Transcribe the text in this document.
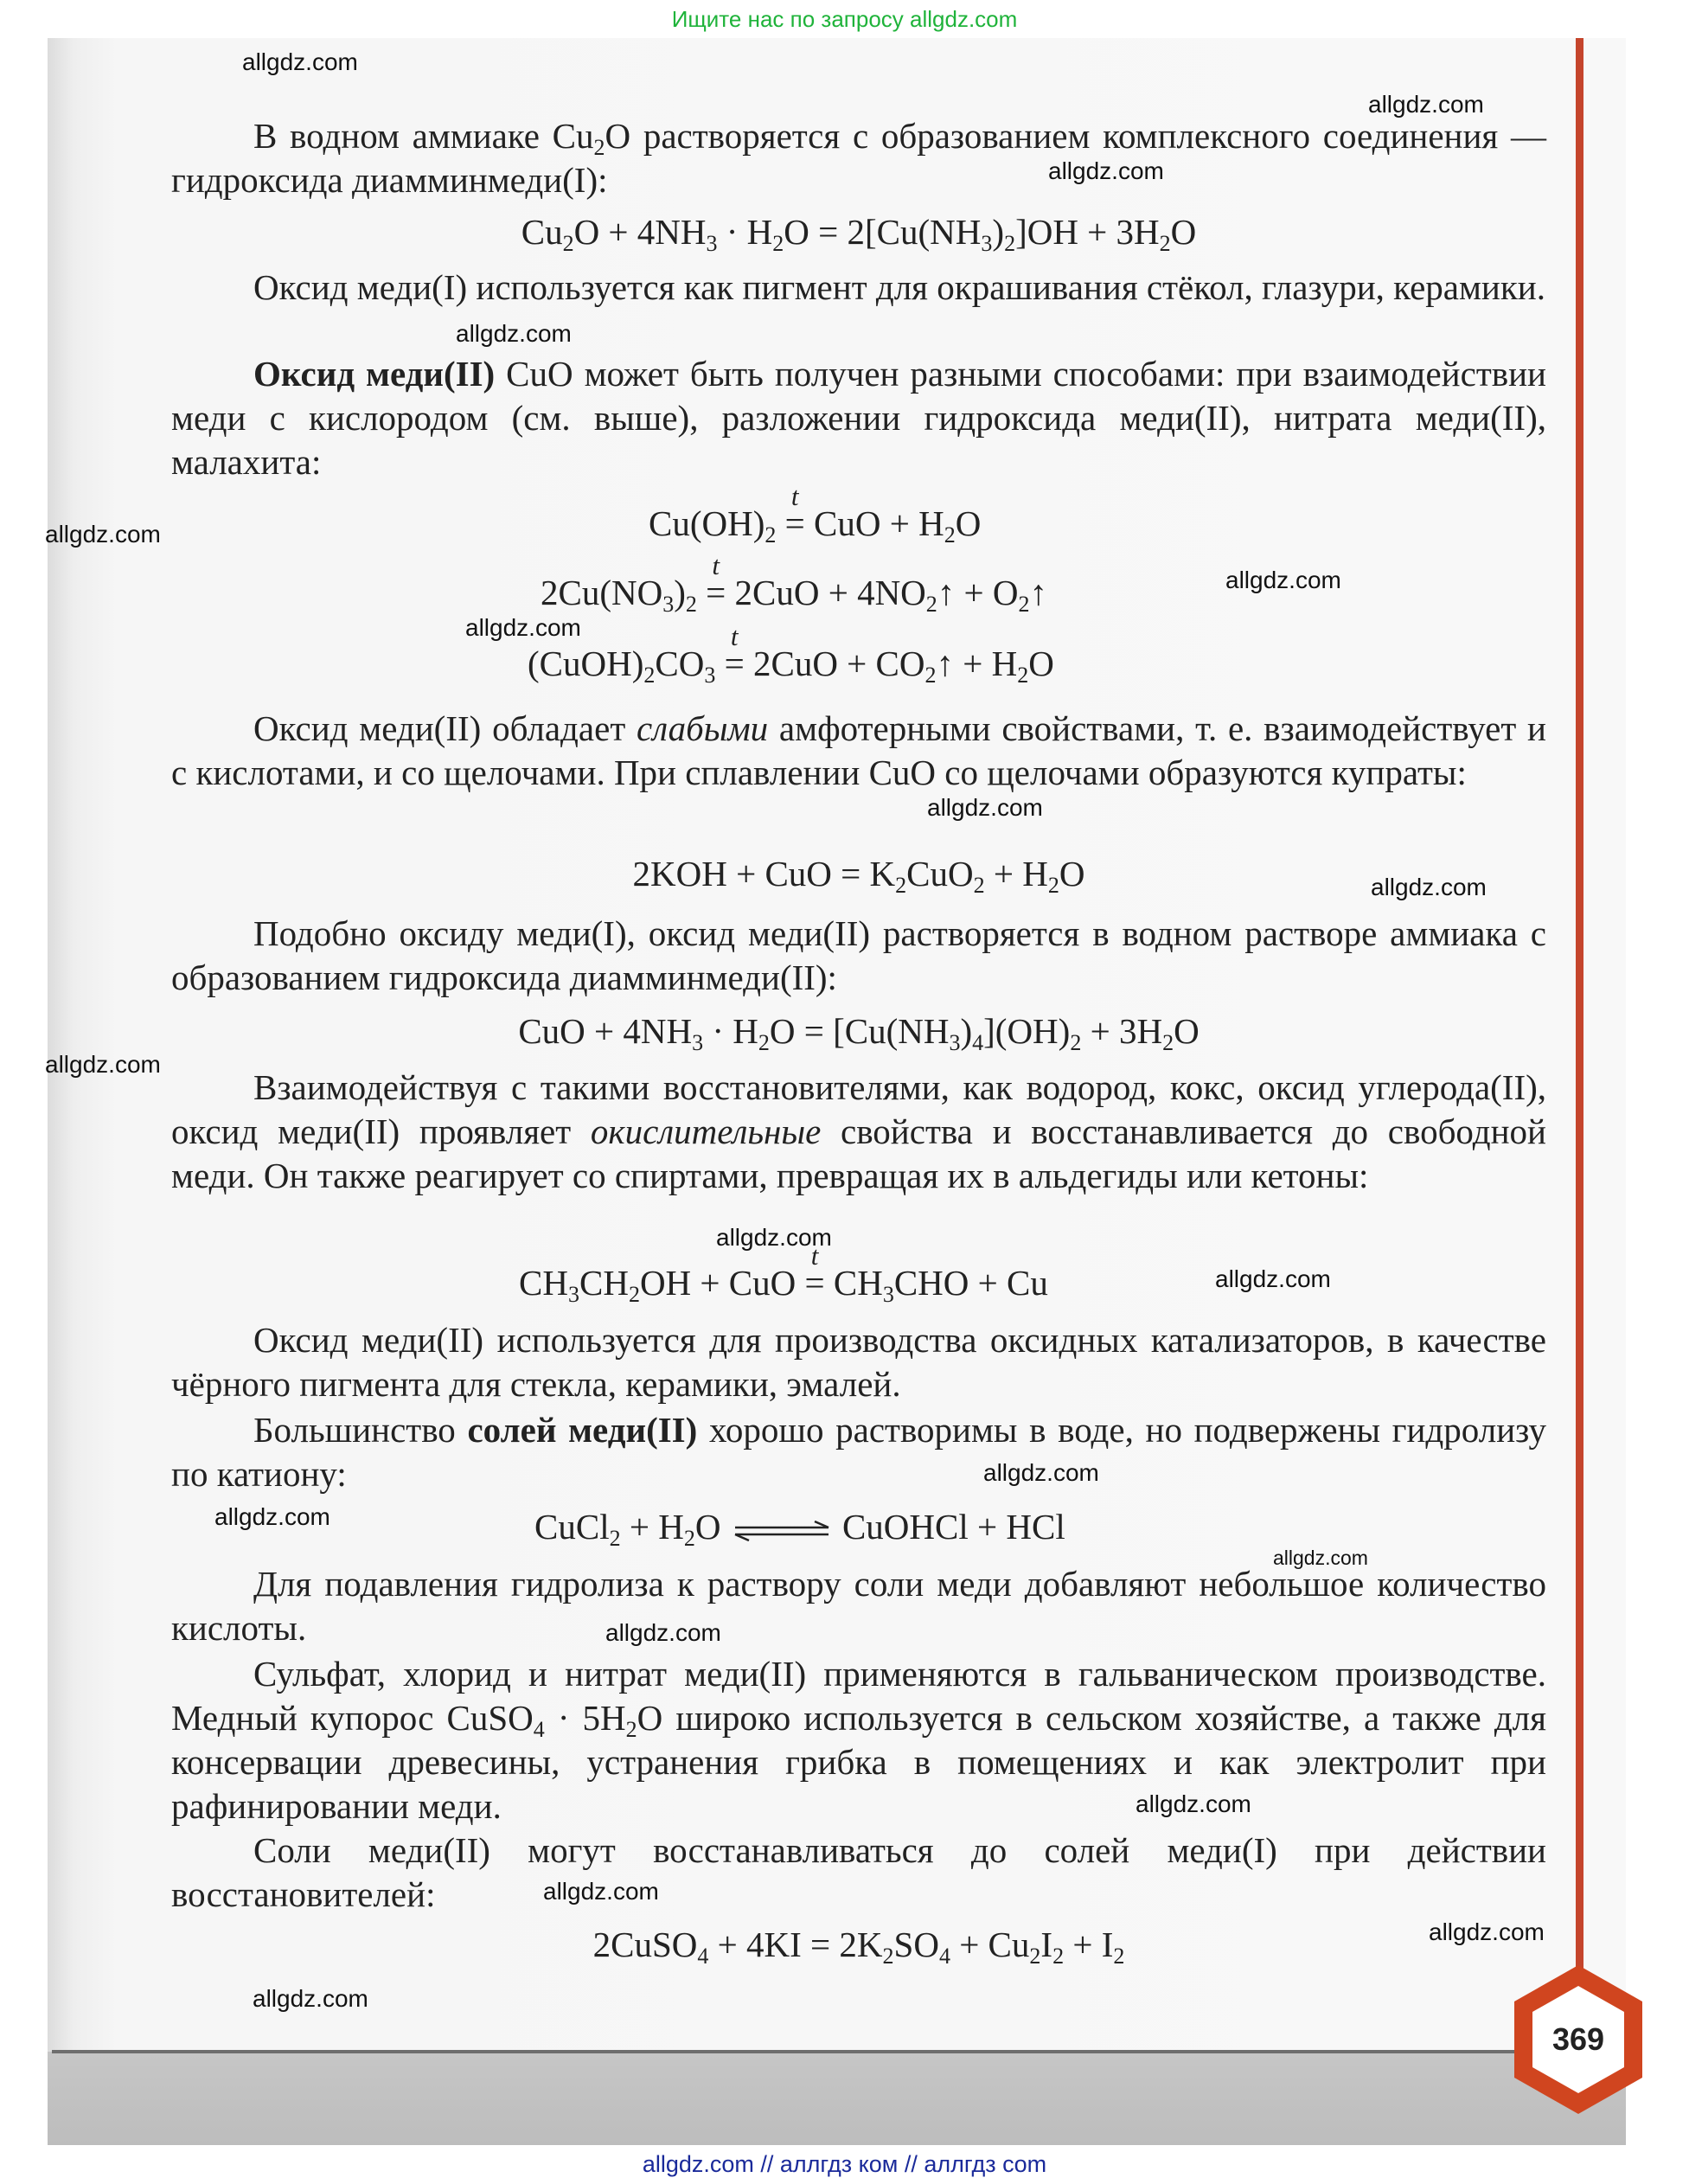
369
Ищите нас по запросу allgdz.com
allgdz.com // аллгдз ком // аллгдз com
В водном аммиаке $Cu_2O$ растворяется с образованием комплексного соединения — гидроксида диамминмеди(I):
$Cu_2O + 4NH_3 \cdot H_2O = 2[Cu(NH_3)_2]OH + 3H_2O$
Оксид меди(I) используется как пигмент для окрашивания стёкол, глазури, керамики.
Оксид меди(II) CuO может быть получен разными способами: при взаимодействии меди с кислородом (см. выше), разложении гидроксида меди(II), нитрата меди(II), малахита:
$Cu(OH)_2$ t = CuO + $H_2O$
$2Cu(NO_3)_2$ $t = 2CuO + 4NO_2↑$ + $O_2↑$
$(CuOH)_2CO_3$ $t = 2CuO + CO_2↑ + H_2O$
Оксид меди(II) обладает слабыми амфотерными свойствами, т. е. взаимодействует и с кислотами, и со щелочами. При сплавлении CuO со щелочами образуются купраты:
2KOH + CuO = $K_2CuO_2 + H_2O$
Подобно оксиду меди(I), оксид меди(II) растворяется в водном растворе аммиака с образованием гидроксида диамминмеди(II):
CuO + $4NH_3 \cdot H_2O = [Cu(NH_3)_4](OH)_2 + 3H_2O$
Взаимодействуя с такими восстановителями, как водород, кокс, оксид углерода(II), оксид меди(II) проявляет окислительные свойства и восстанавливается до свободной меди. Он также реагирует со спиртами, превращая их в альдегиды или кетоны:
$CH_3CH_2OH$ + CuO $t = CH_3CHO + Cu$
Оксид меди(II) используется для производства оксидных катализаторов, в качестве чёрного пигмента для стекла, керамики, эмалей.
Большинство солей меди(II) хорошо растворимы в воде, но подвержены гидролизу по катиону:
CuCl$_2$ + $H_2O$ ⇌ CuOHCl + HCl
Для подавления гидролиза к раствору соли меди добавляют небольшое количество кислоты.
Сульфат, хлорид и нитрат меди(II) применяются в гальваническом производстве. Медный купорос CuSO$_4$ · $5H_2O$ широко используется в сельском хозяйстве, а также для консервации древесины, устранения грибка в помещениях и как электролит при рафинировании меди.
Соли меди(II) могут восстанавливаться до солей меди(I) при действии восстановителей:
2CuSO$_4$ + $4KI = 2K_2SO_4 + Cu_2I_2 + I_2$
allgdz.com
allgdz.com
allgdz.com
allgdz.com
allgdz.com
allgdz.com
allgdz.com
allgdz.com
allgdz.com
allgdz.com
allgdz.com
allgdz.com
allgdz.com
allgdz.com
allgdz.com
allgdz.com
allgdz.com
allgdz.com
allgdz.com
allgdz.com
